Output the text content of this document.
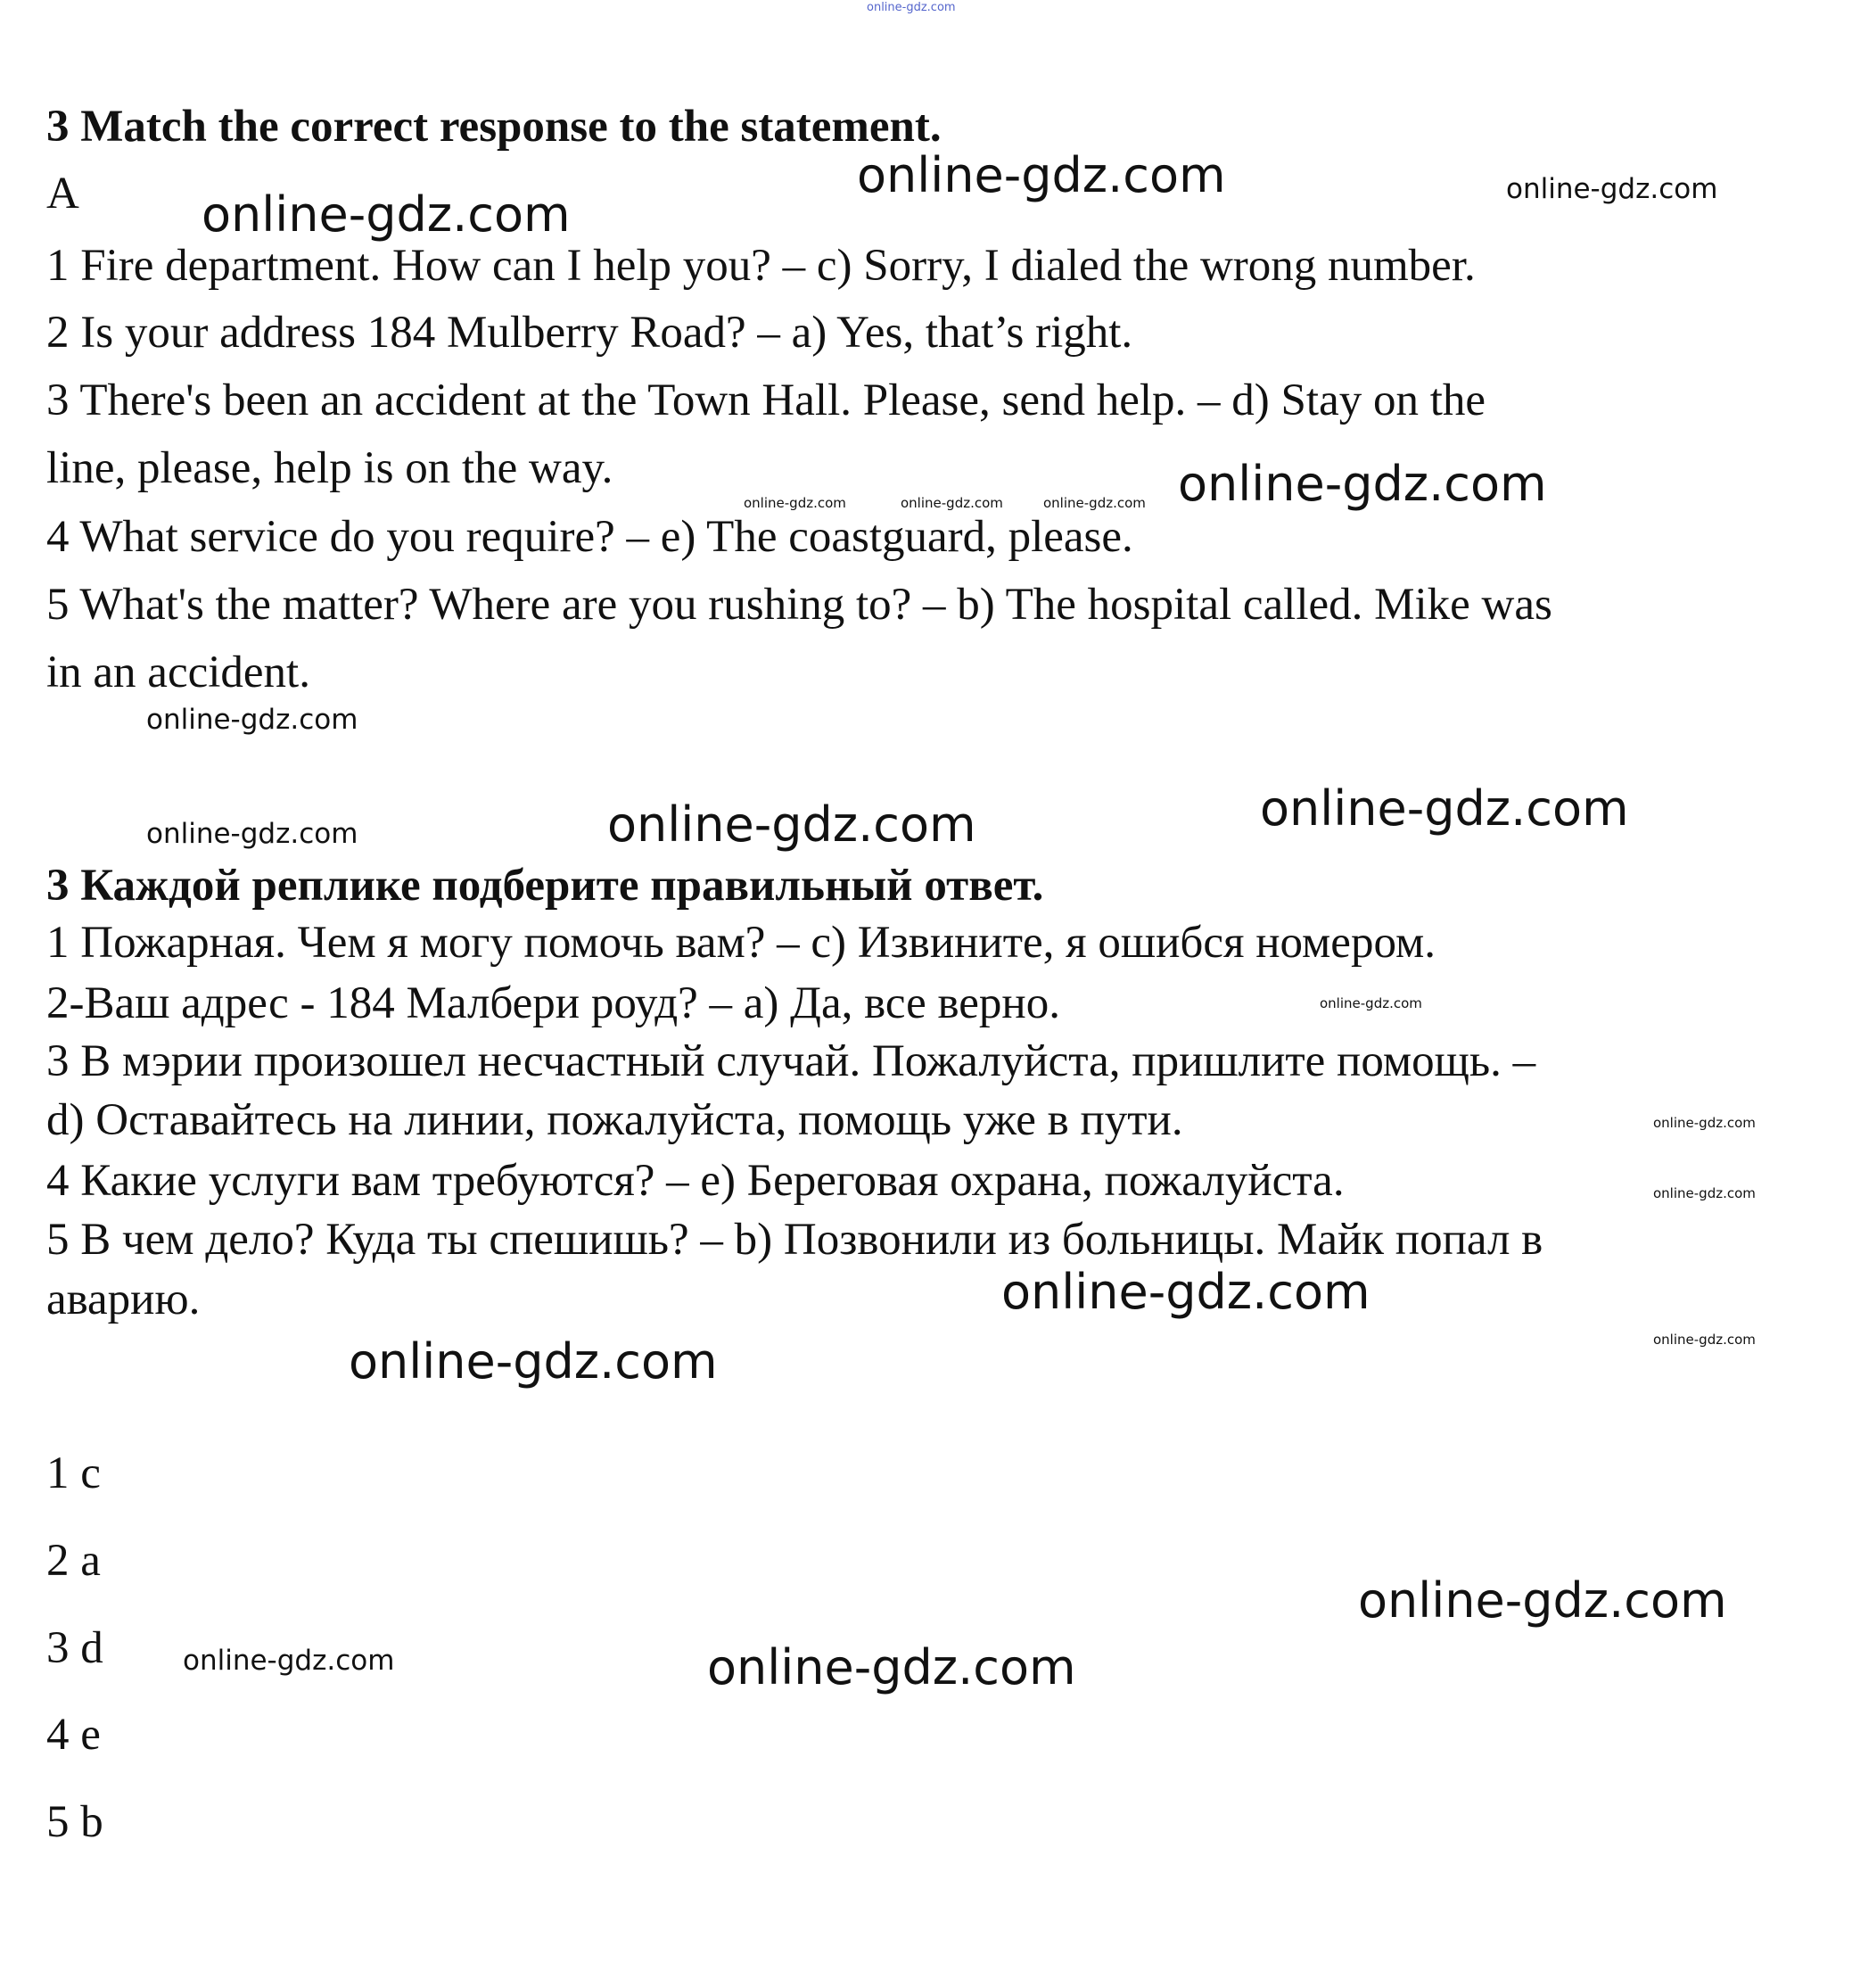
3 Match the correct response to the statement.
A
1 Fire department. How can I help you? – c) Sorry, I dialed the wrong number.
2 Is your address 184 Mulberry Road? – a) Yes, that’s right.
3 There's been an accident at the Town Hall. Please, send help. – d) Stay on the
line, please, help is on the way.
4 What service do you require? – e) The coastguard, please.
5 What's the matter? Where are you rushing to? – b) The hospital called. Mike was
in an accident.
3 Каждой реплике подберите правильный ответ.
1 Пожарная. Чем я могу помочь вам? – с) Извините, я ошибся номером.
2-Ваш адрес - 184 Малбери роуд? – а) Да, все верно.
3 В мэрии произошел несчастный случай. Пожалуйста, пришлите помощь. –
d) Оставайтесь на линии, пожалуйста, помощь уже в пути.
4 Какие услуги вам требуются? – e) Береговая охрана, пожалуйста.
5 В чем дело? Куда ты спешишь? – b) Позвонили из больницы. Майк попал в
аварию.
1 c
2 a
3 d
4 e
5 b
online-gdz.com
online-gdz.com
online-gdz.com	online-gdz.com
online-gdz.com
online-gdz.com	online-gdz.com	online-gdz.com
online-gdz.com
online-gdz.com
online-gdz.com	online-gdz.com
online-gdz.com
online-gdz.com
online-gdz.com
online-gdz.com
online-gdz.com
online-gdz.com
online-gdz.com
online-gdz.com	online-gdz.com
